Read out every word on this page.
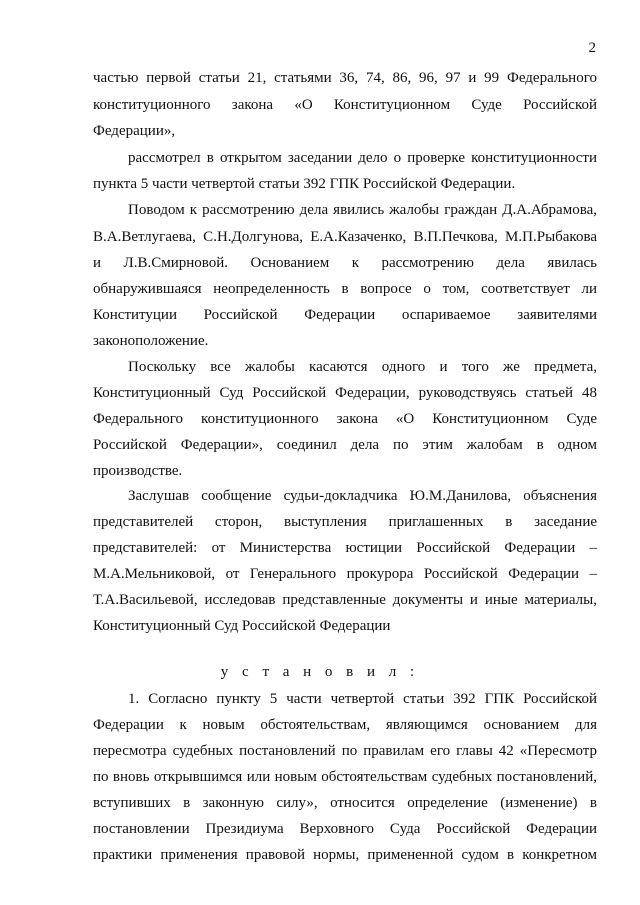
2
частью первой статьи 21, статьями 36, 74, 86, 96, 97 и 99 Федерального
конституционного закона «О Конституционном Суде Российской
Федерации»,
рассмотрел в открытом заседании дело о проверке конституционности
пункта 5 части четвертой статьи 392 ГПК Российской Федерации.
Поводом к рассмотрению дела явились жалобы граждан Д.А.Абрамова,
В.А.Ветлугаева, С.Н.Долгунова, Е.А.Казаченко, В.П.Печкова, М.П.Рыбакова
и Л.В.Смирновой. Основанием к рассмотрению дела явилась
обнаружившаяся неопределенность в вопросе о том, соответствует ли
Конституции Российской Федерации оспариваемое заявителями
законоположение.
Поскольку все жалобы касаются одного и того же предмета,
Конституционный Суд Российской Федерации, руководствуясь статьей 48
Федерального конституционного закона «О Конституционном Суде
Российской Федерации», соединил дела по этим жалобам в одном
производстве.
Заслушав сообщение судьи-докладчика Ю.М.Данилова, объяснения
представителей сторон, выступления приглашенных в заседание
представителей: от Министерства юстиции Российской Федерации –
М.А.Мельниковой, от Генерального прокурора Российской Федерации –
Т.А.Васильевой, исследовав представленные документы и иные материалы,
Конституционный Суд Российской Федерации
1. Согласно пункту 5 части четвертой статьи 392 ГПК Российской
Федерации к новым обстоятельствам, являющимся основанием для
пересмотра судебных постановлений по правилам его главы 42 «Пересмотр
по вновь открывшимся или новым обстоятельствам судебных постановлений,
вступивших в законную силу», относится определение (изменение) в
постановлении Президиума Верховного Суда Российской Федерации
практики применения правовой нормы, примененной судом в конкретном
у с т а н о в и л :
